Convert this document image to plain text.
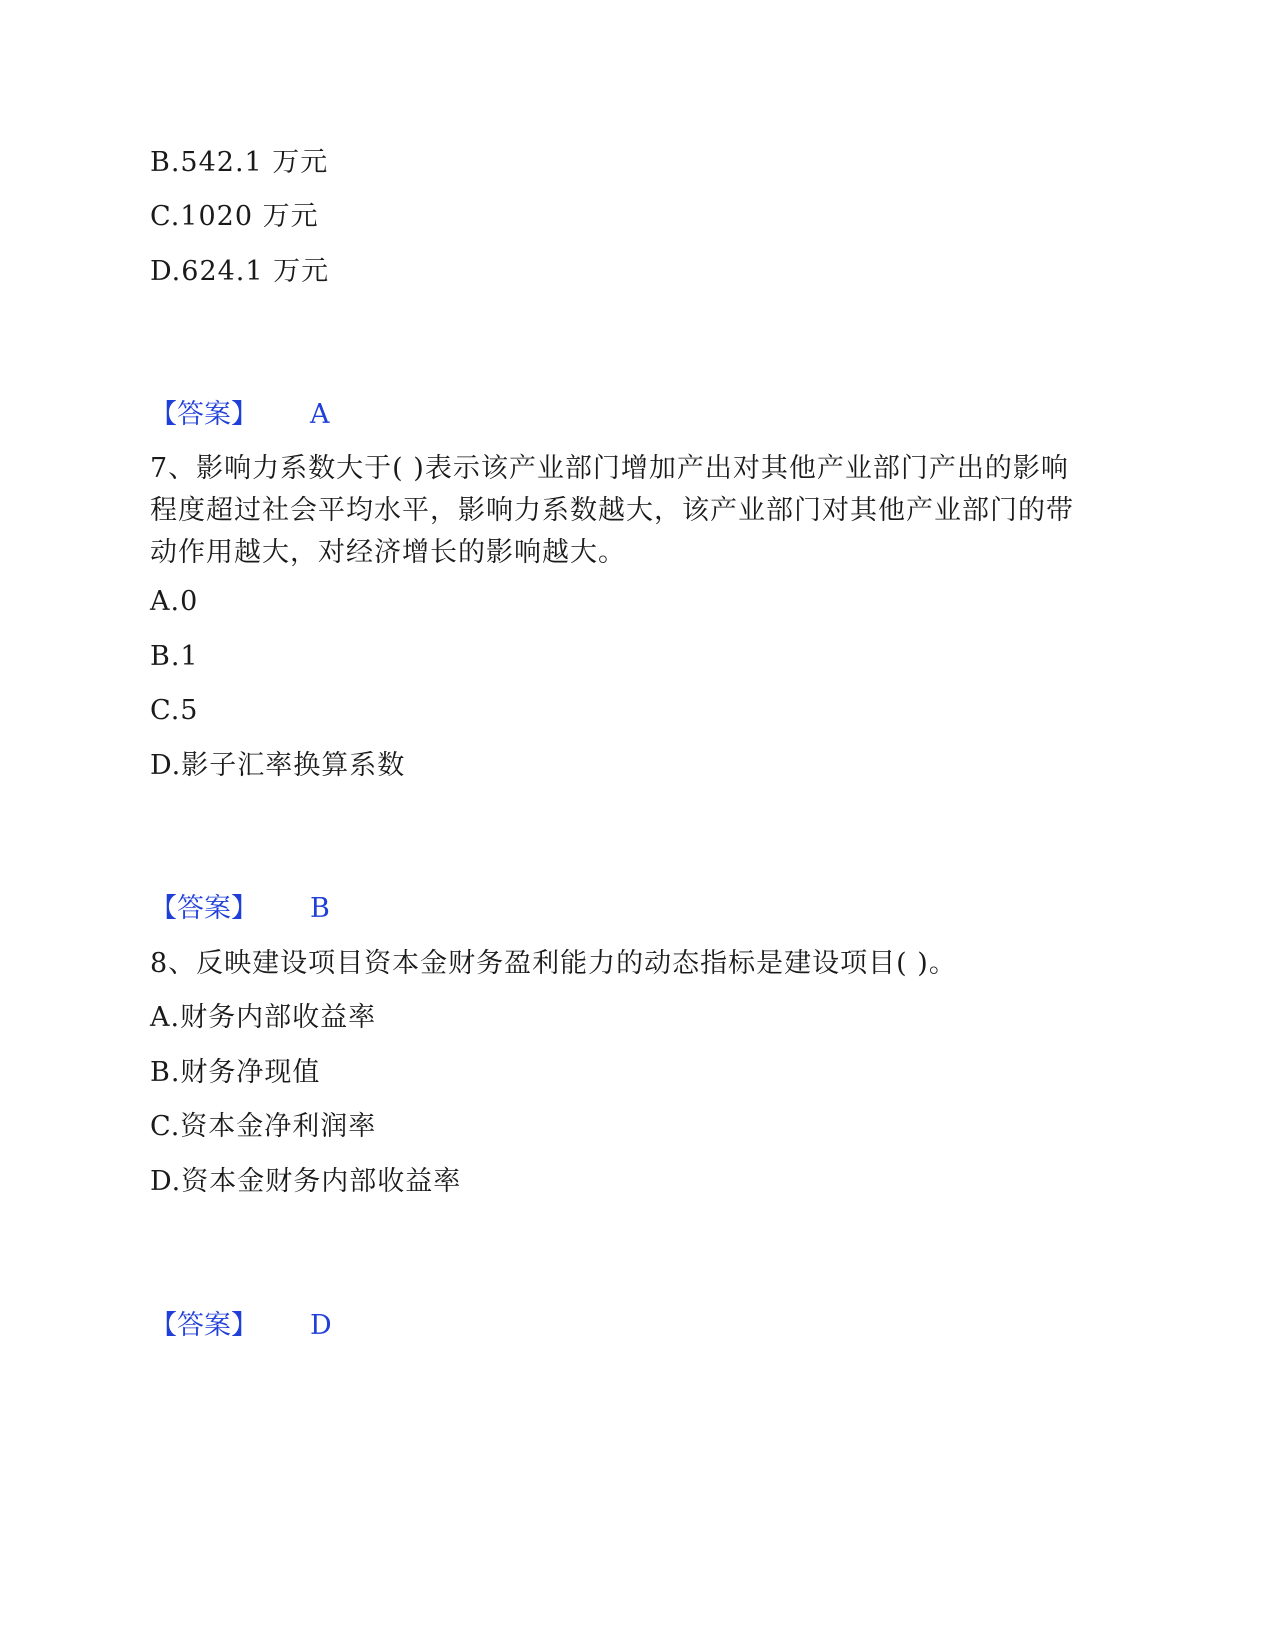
B.542.1 万元
C.1020 万元
D.624.1 万元
【答案】 A
7、影响力系数大于( )表示该产业部门增加产出对其他产业部门产出的影响
程度超过社会平均水平，影响力系数越大，该产业部门对其他产业部门的带
动作用越大，对经济增长的影响越大。
A.0
B.1
C.5
D.影子汇率换算系数
【答案】 B
8、反映建设项目资本金财务盈利能力的动态指标是建设项目( )。
A.财务内部收益率
B.财务净现值
C.资本金净利润率
D.资本金财务内部收益率
【答案】 D
